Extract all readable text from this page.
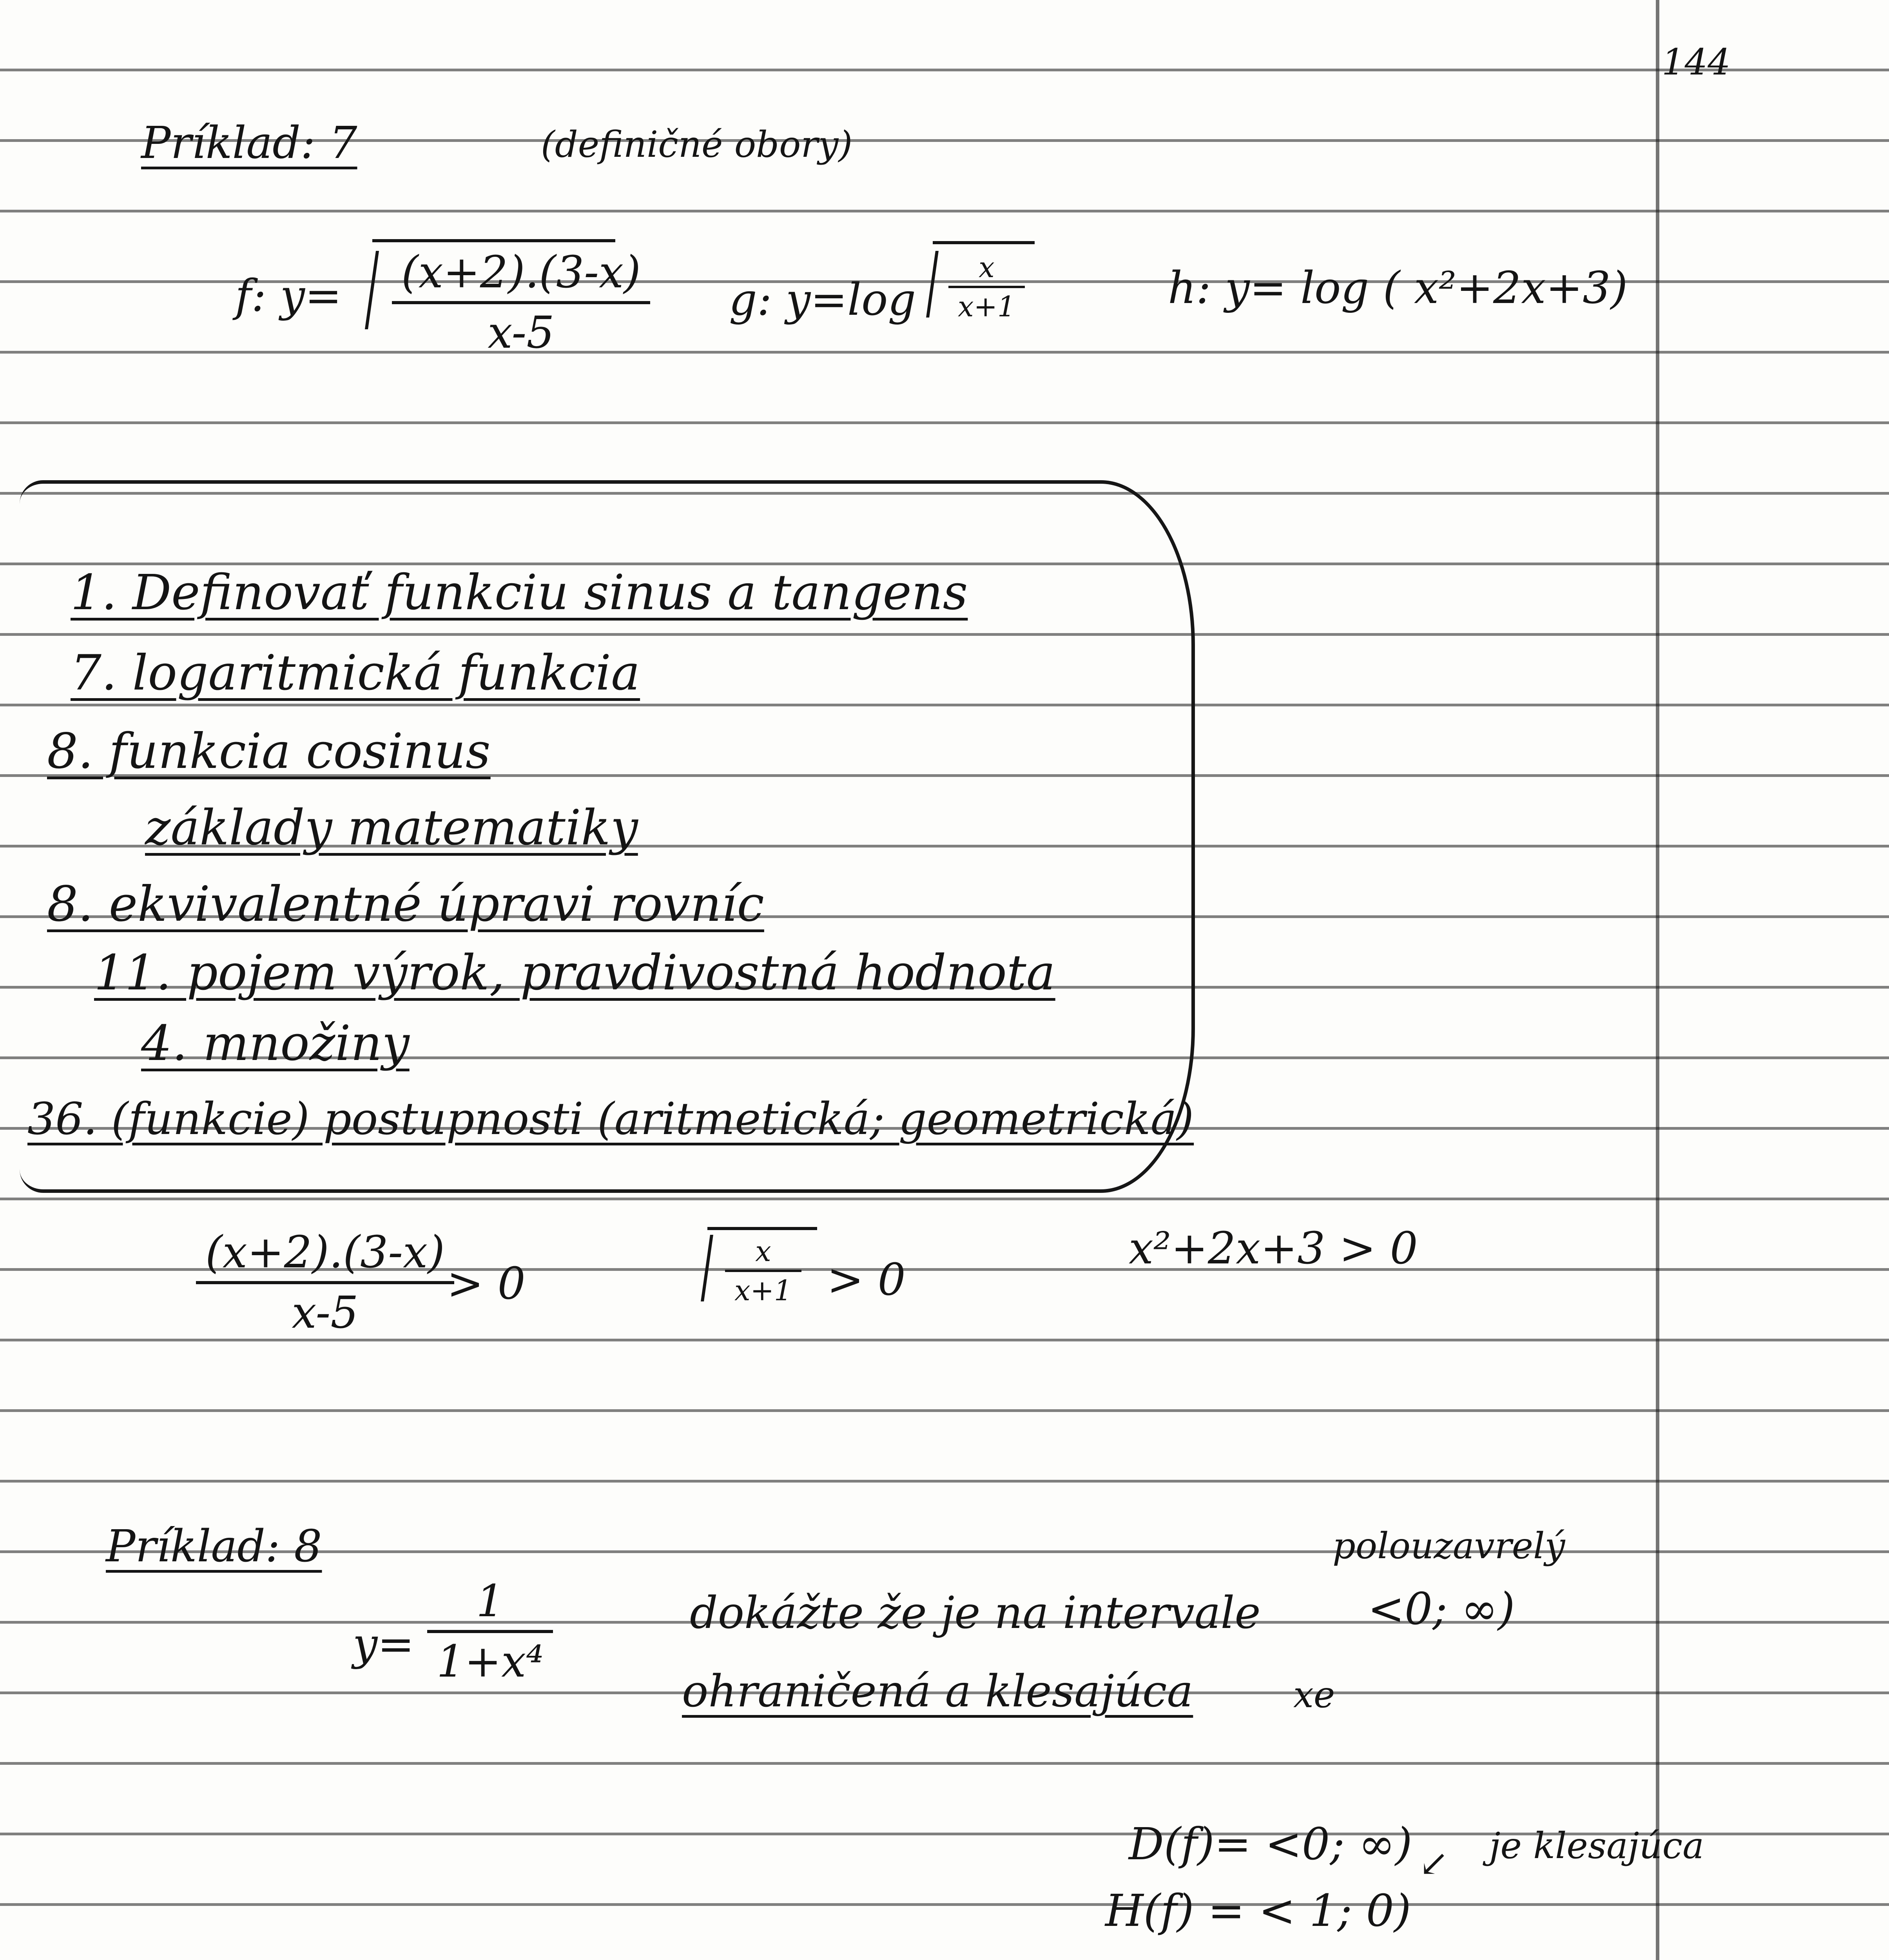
144
Príklad: 7	(definičné obory)
f: y= (x+2).(3-x)
x-5
g: y=log
x
x+1	h: y= log ( x²+2x+3)
1. Definovať funkciu sinus a tangens
7. logaritmická funkcia
8. funkcia cosinus
základy matematiky
8. ekvivalentné úpravi rovníc
11. pojem výrok, pravdivostná hodnota
4. množiny
36. (funkcie) postupnosti (aritmetická; geometrická)
(x+2).(3-x)
x-5
> 0
x
x+1 > 0
x²+2x+3 > 0
Príklad: 8
y=
1
1+x⁴
polouzavrelý
dokážte že je na intervale <0; ∞)
ohraničená a klesajúca	xe
D(f)= <0; ∞) ↙ je klesajúca
H(f) = < 1; 0)
